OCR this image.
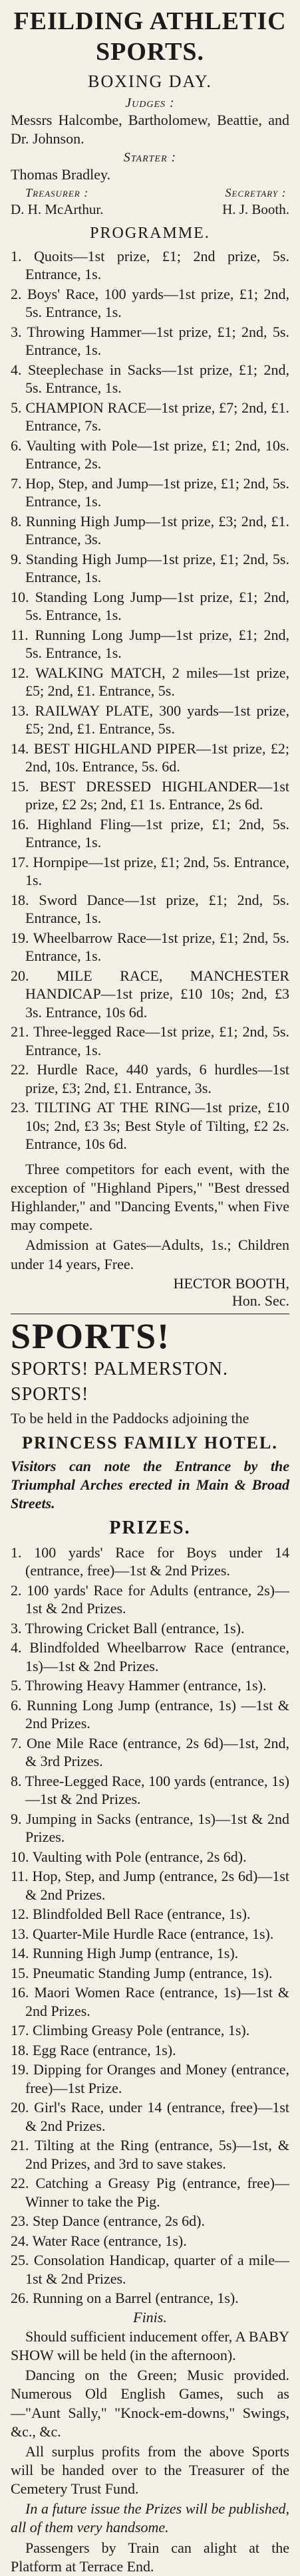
FEILDING ATHLETIC SPORTS.
BOXING DAY.
Judges :
Messrs Halcombe, Bartholomew, Beattie, and Dr. Johnson.
Starter :
Thomas Bradley.
Treasurer :
D. H. McArthur.
Secretary :
H. J. Booth.
PROGRAMME.
1. Quoits—1st prize, £1; 2nd prize, 5s. Entrance, 1s.
2. Boys' Race, 100 yards—1st prize, £1; 2nd, 5s. Entrance, 1s.
3. Throwing Hammer—1st prize, £1; 2nd, 5s. Entrance, 1s.
4. Steeplechase in Sacks—1st prize, £1; 2nd, 5s. Entrance, 1s.
5. CHAMPION RACE—1st prize, £7; 2nd, £1. Entrance, 7s.
6. Vaulting with Pole—1st prize, £1; 2nd, 10s. Entrance, 2s.
7. Hop, Step, and Jump—1st prize, £1; 2nd, 5s. Entrance, 1s.
8. Running High Jump—1st prize, £3; 2nd, £1. Entrance, 3s.
9. Standing High Jump—1st prize, £1; 2nd, 5s. Entrance, 1s.
10. Standing Long Jump—1st prize, £1; 2nd, 5s. Entrance, 1s.
11. Running Long Jump—1st prize, £1; 2nd, 5s. Entrance, 1s.
12. WALKING MATCH, 2 miles—1st prize, £5; 2nd, £1. Entrance, 5s.
13. RAILWAY PLATE, 300 yards—1st prize, £5; 2nd, £1. Entrance, 5s.
14. BEST HIGHLAND PIPER—1st prize, £2; 2nd, 10s. Entrance, 5s. 6d.
15. BEST DRESSED HIGHLANDER—1st prize, £2 2s; 2nd, £1 1s. Entrance, 2s 6d.
16. Highland Fling—1st prize, £1; 2nd, 5s. Entrance, 1s.
17. Hornpipe—1st prize, £1; 2nd, 5s. Entrance, 1s.
18. Sword Dance—1st prize, £1; 2nd, 5s. Entrance, 1s.
19. Wheelbarrow Race—1st prize, £1; 2nd, 5s. Entrance, 1s.
20. MILE RACE, MANCHESTER HANDICAP—1st prize, £10 10s; 2nd, £3 3s. Entrance, 10s 6d.
21. Three-legged Race—1st prize, £1; 2nd, 5s. Entrance, 1s.
22. Hurdle Race, 440 yards, 6 hurdles—1st prize, £3; 2nd, £1. Entrance, 3s.
23. TILTING AT THE RING—1st prize, £10 10s; 2nd, £3 3s; Best Style of Tilting, £2 2s. Entrance, 10s 6d.
Three competitors for each event, with the exception of "Highland Pipers," "Best dressed Highlander," and "Dancing Events," when Five may compete.
Admission at Gates—Adults, 1s.; Children under 14 years, Free.
HECTOR BOOTH,
Hon. Sec.
SPORTS!
SPORTS! PALMERSTON. SPORTS!
To be held in the Paddocks adjoining the
PRINCESS FAMILY HOTEL.
Visitors can note the Entrance by the Triumphal Arches erected in Main & Broad Streets.
PRIZES.
1. 100 yards' Race for Boys under 14 (entrance, free)—1st & 2nd Prizes.
2. 100 yards' Race for Adults (entrance, 2s)—1st & 2nd Prizes.
3. Throwing Cricket Ball (entrance, 1s).
4. Blindfolded Wheelbarrow Race (entrance, 1s)—1st & 2nd Prizes.
5. Throwing Heavy Hammer (entrance, 1s).
6. Running Long Jump (entrance, 1s) —1st & 2nd Prizes.
7. One Mile Race (entrance, 2s 6d)—1st, 2nd, & 3rd Prizes.
8. Three-Legged Race, 100 yards (entrance, 1s)—1st & 2nd Prizes.
9. Jumping in Sacks (entrance, 1s)—1st & 2nd Prizes.
10. Vaulting with Pole (entrance, 2s 6d).
11. Hop, Step, and Jump (entrance, 2s 6d)—1st & 2nd Prizes.
12. Blindfolded Bell Race (entrance, 1s).
13. Quarter-Mile Hurdle Race (entrance, 1s).
14. Running High Jump (entrance, 1s).
15. Pneumatic Standing Jump (entrance, 1s).
16. Maori Women Race (entrance, 1s)—1st & 2nd Prizes.
17. Climbing Greasy Pole (entrance, 1s).
18. Egg Race (entrance, 1s).
19. Dipping for Oranges and Money (entrance, free)—1st Prize.
20. Girl's Race, under 14 (entrance, free)—1st & 2nd Prizes.
21. Tilting at the Ring (entrance, 5s)—1st, & 2nd Prizes, and 3rd to save stakes.
22. Catching a Greasy Pig (entrance, free)—Winner to take the Pig.
23. Step Dance (entrance, 2s 6d).
24. Water Race (entrance, 1s).
25. Consolation Handicap, quarter of a mile—1st & 2nd Prizes.
26. Running on a Barrel (entrance, 1s).
Finis.
Should sufficient inducement offer, A BABY SHOW will be held (in the afternoon).
Dancing on the Green; Music provided. Numerous Old English Games, such as—"Aunt Sally," "Knock-em-downs," Swings, &c., &c.
All surplus profits from the above Sports will be handed over to the Treasurer of the Cemetery Trust Fund.
In a future issue the Prizes will be published, all of them very handsome.
Passengers by Train can alight at the Platform at Terrace End.
